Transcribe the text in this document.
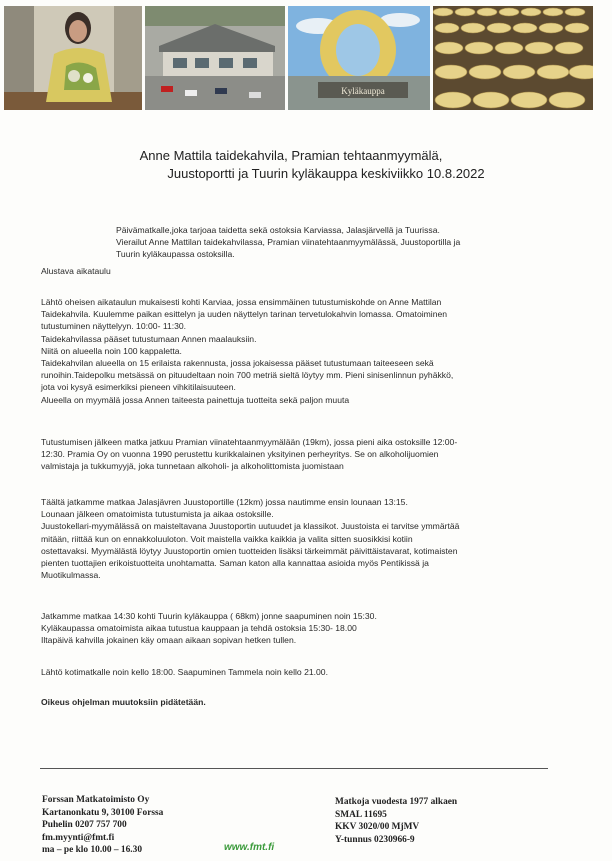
Kyläkauppa
Anne Mattila taidekahvila, Pramian tehtaanmyymälä,
Juustoportti ja Tuurin kyläkauppa keskiviikko 10.8.2022
Päivämatkalle,joka tarjoaa taidetta sekä ostoksia Karviassa, Jalasjärvellä ja Tuurissa.
Vierailut Anne Mattilan taidekahvilassa, Pramian viinatehtaanmyymälässä, Juustoportilla ja
Tuurin kyläkaupassa ostoksilla.
Alustava aikataulu

Lähtö oheisen aikataulun mukaisesti kohti Karviaa, jossa ensimmäinen tutustumiskohde on Anne Mattilan

Taidekahvila. Kuulemme paikan esittelyn ja uuden näyttelyn tarinan tervetulokahvin lomassa. Omatoiminen

tutustuminen näyttelyyn. 10:00- 11:30.

Taidekahvilassa pääset tutustumaan Annen maalauksiin.

Niitä on alueella noin 100 kappaletta.

Taidekahvilan alueella on 15 erilaista rakennusta, jossa jokaisessa pääset tutustumaan taiteeseen sekä

runoihin.Taidepolku metsässä on pituudeltaan noin 700 metriä sieltä löytyy mm. Pieni sinisenlinnun pyhäkkö,

jota voi kysyä esimerkiksi pieneen vihkitilaisuuteen.

Alueella on myymälä jossa Annen taiteesta painettuja tuotteita sekä paljon muuta

Tutustumisen jälkeen matka jatkuu Pramian viinatehtaanmyymälään (19km), jossa pieni aika ostoksille 12:00-

12:30. Pramia Oy on vuonna 1990 perustettu kurikkalainen yksityinen perheyritys. Se on alkoholijuomien

valmistaja ja tukkumyyjä, joka tunnetaan alkoholi- ja alkoholittomista juomistaan

Täältä jatkamme matkaa Jalasjävren Juustoportille (12km) jossa nautimme ensin lounaan 13:15.

Lounaan jälkeen omatoimista tutustumista ja aikaa ostoksille.

Juustokellari-myymälässä on maisteltavana Juustoportin uutuudet ja klassikot. Juustoista ei tarvitse ymmärtää

mitään, riittää kun on ennakkoluuloton. Voit maistella vaikka kaikkia ja valita sitten suosikkisi kotiin

ostettavaksi. Myymälästä löytyy Juustoportin omien tuotteiden lisäksi tärkeimmät päivittäistavarat, kotimaisten

pienten tuottajien erikoistuotteita unohtamatta. Saman katon alla kannattaa asioida myös Pentikissä ja

Muotikulmassa.

Jatkamme matkaa 14:30 kohti Tuurin kyläkauppa ( 68km) jonne saapuminen noin 15:30.

Kyläkaupassa omatoimista aikaa tutustua kauppaan ja tehdä ostoksia 15:30- 18.00

Iltapäivä kahvilla jokainen käy omaan aikaan sopivan hetken tullen.

Lähtö kotimatkalle noin kello 18:00. Saapuminen Tammela noin kello 21.00.

Oikeus ohjelman muutoksiin pidätetään.
Forssan Matkatoimisto Oy
Kartanonkatu 9, 30100 Forssa
Puhelin 0207 757 700
fm.myynti@fmt.fi
ma – pe klo 10.00 – 16.30	www.fmt.fi
Matkoja vuodesta 1977 alkaen
SMAL 11695
KKV 3020/00 MjMV
Y-tunnus 0230966-9
